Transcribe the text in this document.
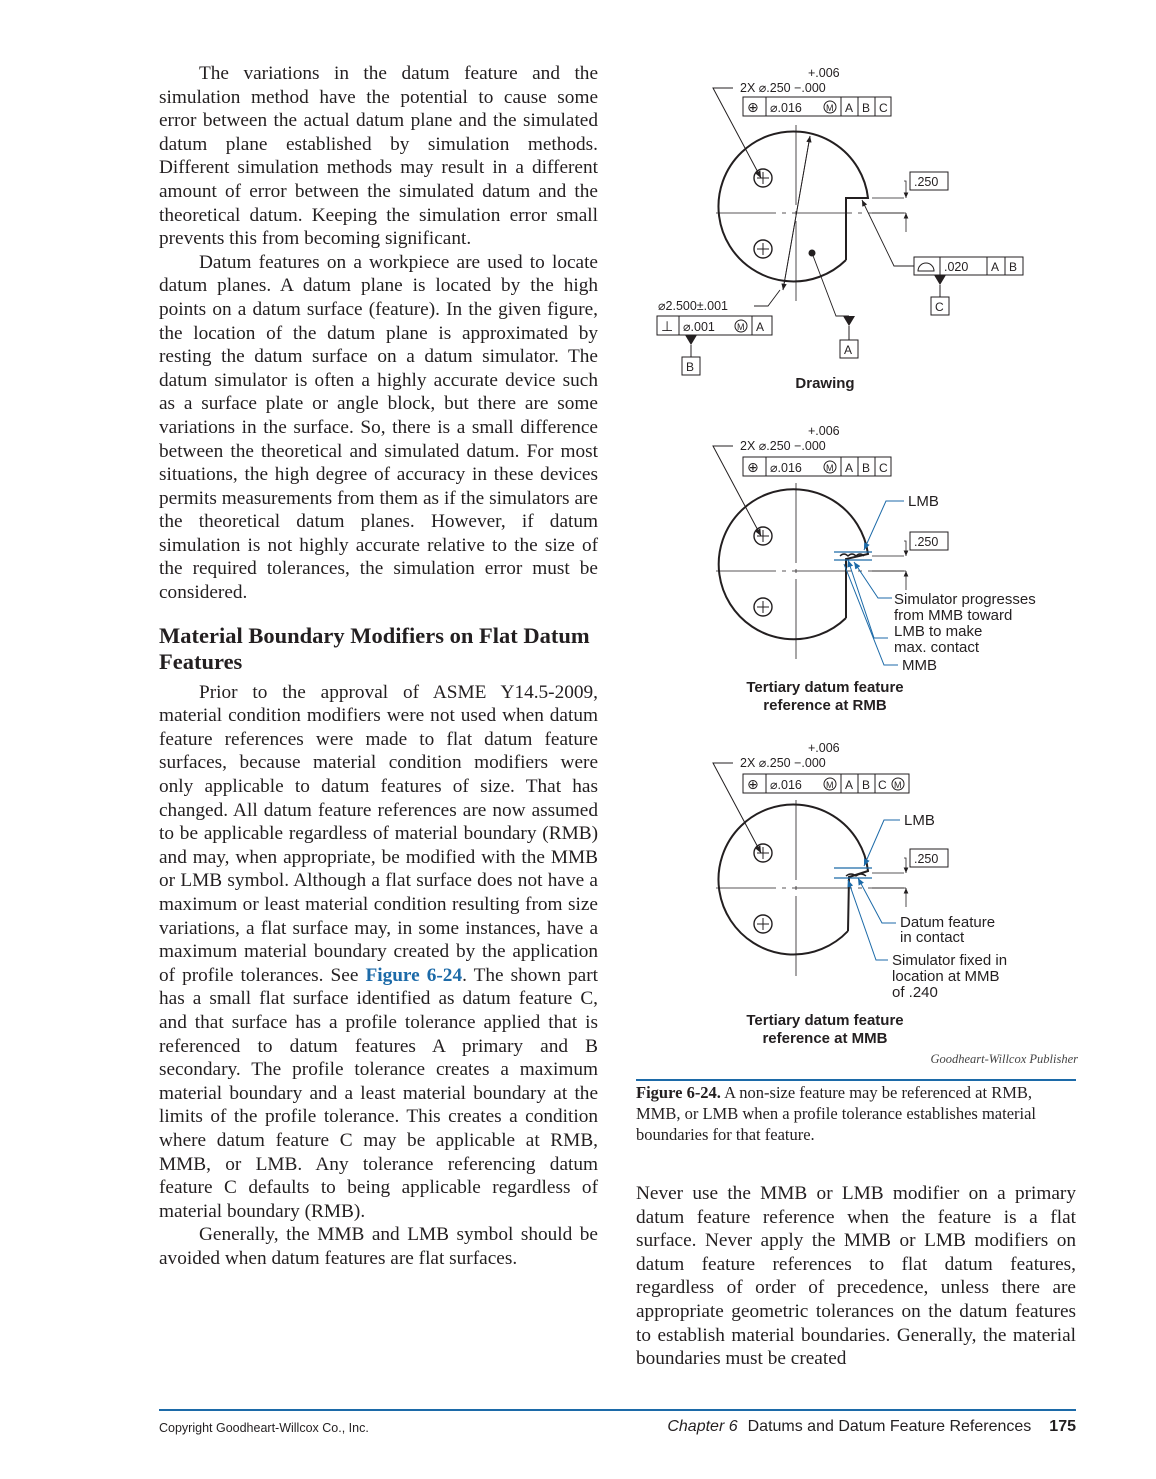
The variations in the datum feature and the simulation method have the potential to cause some error between the actual datum plane and the simulated datum plane established by simulation methods. Different simulation methods may result in a different amount of error between the simulated datum and the theoretical datum. Keeping the simulation error small prevents this from becoming significant.

Datum features on a workpiece are used to locate datum planes. A datum plane is located by the high points on a datum surface (feature). In the given figure, the location of the datum plane is approximated by resting the datum surface on a datum simulator. The datum simulator is often a highly accurate device such as a surface plate or angle block, but there are some variations in the surface. So, there is a small difference between the theoretical and simulated datum. For most situations, the high degree of accuracy in these devices permits measurements from them as if the simulators are the theoretical datum planes. However, if datum simulation is not highly accurate relative to the size of the required tolerances, the simulation error must be considered.

Material Boundary Modifiers on Flat Datum Features

Prior to the approval of ASME Y14.5-2009, material condition modifiers were not used when datum feature references were made to flat datum feature surfaces, because material condition modifiers were only applicable to datum features of size. That has changed. All datum feature references are now assumed to be applicable regardless of material boundary (RMB) and may, when appropriate, be modified with the MMB or LMB symbol. Although a flat surface does not have a maximum or least material condition resulting from size variations, a flat surface may, in some instances, have a maximum material boundary created by the application of profile tolerances. See Figure 6-24. The shown part has a small flat surface identified as datum feature C, and that surface has a profile tolerance applied that is referenced to datum features A primary and B secondary. The profile tolerance creates a maximum material boundary and a least material boundary at the limits of the profile tolerance. This creates a condition where datum feature C may be applicable at RMB, MMB, or LMB. Any tolerance referencing datum feature C defaults to being applicable regardless of material boundary (RMB).

Generally, the MMB and LMB symbol should be avoided when datum features are flat surfaces.

+.006
2X ⌀.250 −.000
⊕ ⌀.016	M A B C
A
.250
.020 A B
C
⌀2.500±.001
⊥ ⌀.001 M A
B
Drawing
+.006
2X ⌀.250 −.000
⊕ ⌀.016	M A B C
.250
LMB
Simulator progresses
from MMB toward
LMB to make
max. contact
MMB
Tertiary datum feature
reference at RMB
+.006
2X ⌀.250 −.000
⊕ ⌀.016	M A B C M
.250
LMB
Datum feature
in contact
Simulator fixed in
location at MMB
of .240
Tertiary datum feature
reference at MMB
Goodheart-Willcox Publisher
Figure 6-24. A non-size feature may be referenced at RMB, MMB, or LMB when a profile tolerance establishes material boundaries for that feature.

Never use the MMB or LMB modifier on a primary datum feature reference when the feature is a flat surface. Never apply the MMB or LMB modifiers on datum feature references to flat datum features, regardless of order of precedence, unless there are appropriate geometric tolerances on the datum features to establish material boundaries. Generally, the material boundaries must be created

Copyright Goodheart-Willcox Co., Inc.	Chapter 6 Datums and Datum Feature References 175
